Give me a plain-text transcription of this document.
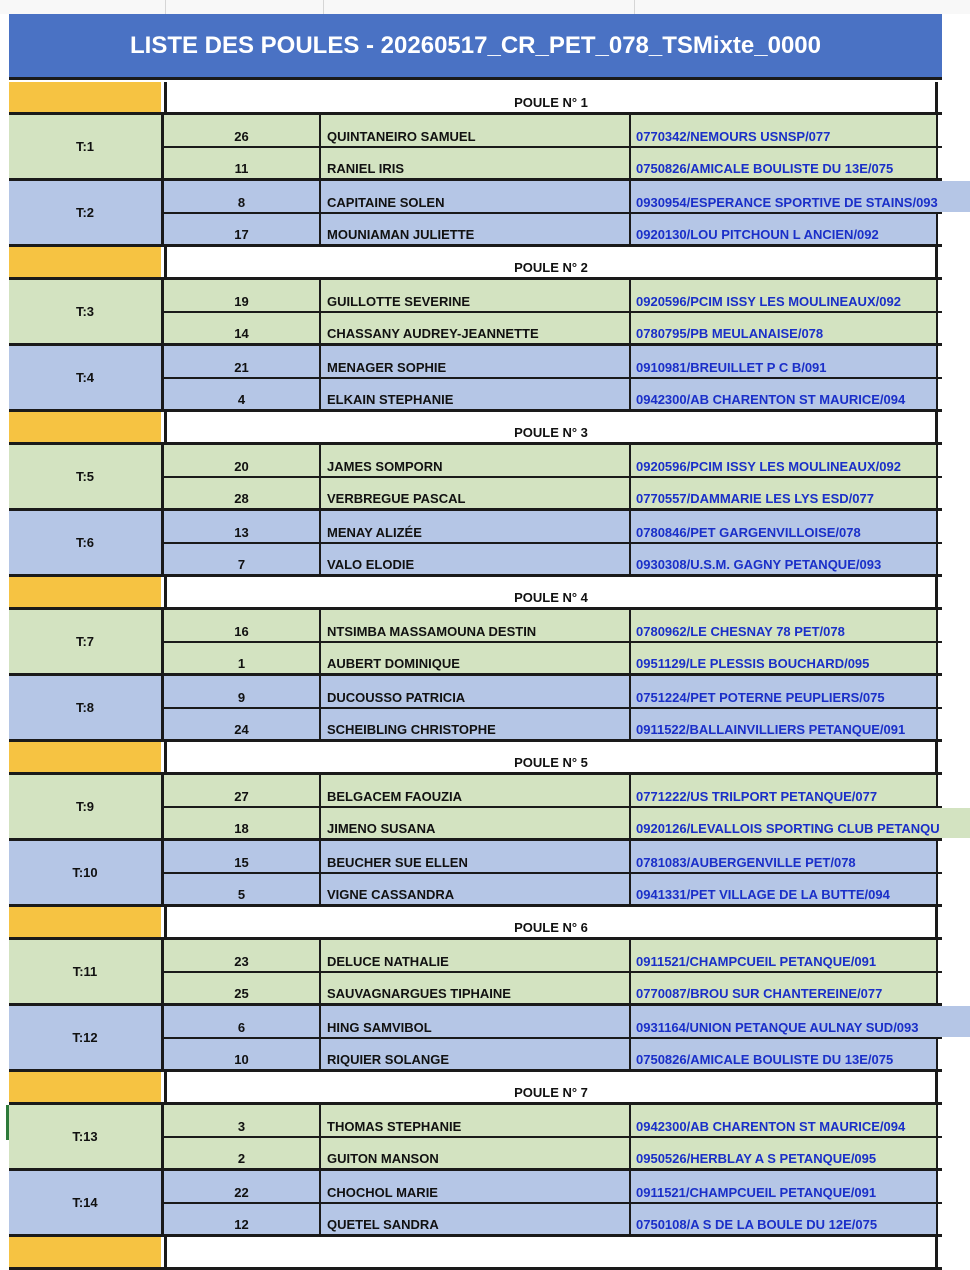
LISTE DES POULES - 20260517_CR_PET_078_TSMixte_0000
POULE N° 1
T:1
26	QUINTANEIRO SAMUEL	0770342/NEMOURS USNSP/077
11	RANIEL IRIS	0750826/AMICALE BOULISTE DU 13E/075
T:2
8	CAPITAINE SOLEN	0930954/ESPERANCE SPORTIVE DE STAINS/093
17	MOUNIAMAN JULIETTE	0920130/LOU PITCHOUN L ANCIEN/092
POULE N° 2
T:3
19	GUILLOTTE SEVERINE	0920596/PCIM ISSY LES MOULINEAUX/092
14	CHASSANY AUDREY-JEANNETTE	0780795/PB MEULANAISE/078
T:4
21	MENAGER SOPHIE	0910981/BREUILLET P C B/091
4	ELKAIN STEPHANIE	0942300/AB CHARENTON ST MAURICE/094
POULE N° 3
T:5
20	JAMES SOMPORN	0920596/PCIM ISSY LES MOULINEAUX/092
28	VERBREGUE PASCAL	0770557/DAMMARIE LES LYS ESD/077
T:6
13	MENAY ALIZÉE	0780846/PET GARGENVILLOISE/078
7	VALO ELODIE	0930308/U.S.M. GAGNY PETANQUE/093
POULE N° 4
T:7
16	NTSIMBA MASSAMOUNA DESTIN	0780962/LE CHESNAY 78 PET/078
1	AUBERT DOMINIQUE	0951129/LE PLESSIS BOUCHARD/095
T:8
9	DUCOUSSO PATRICIA	0751224/PET POTERNE PEUPLIERS/075
24	SCHEIBLING CHRISTOPHE	0911522/BALLAINVILLIERS PETANQUE/091
POULE N° 5
T:9
27	BELGACEM FAOUZIA	0771222/US TRILPORT PETANQUE/077
18	JIMENO SUSANA	0920126/LEVALLOIS SPORTING CLUB PETANQU
T:10
15	BEUCHER SUE ELLEN	0781083/AUBERGENVILLE PET/078
5	VIGNE CASSANDRA	0941331/PET VILLAGE DE LA BUTTE/094
POULE N° 6
T:11
23	DELUCE NATHALIE	0911521/CHAMPCUEIL PETANQUE/091
25	SAUVAGNARGUES TIPHAINE	0770087/BROU SUR CHANTEREINE/077
T:12
6	HING SAMVIBOL	0931164/UNION PETANQUE AULNAY SUD/093
10	RIQUIER SOLANGE	0750826/AMICALE BOULISTE DU 13E/075
POULE N° 7
T:13
3	THOMAS STEPHANIE	0942300/AB CHARENTON ST MAURICE/094
2	GUITON MANSON	0950526/HERBLAY A S PETANQUE/095
T:14
22	CHOCHOL MARIE	0911521/CHAMPCUEIL PETANQUE/091
12	QUETEL SANDRA	0750108/A S DE LA BOULE DU 12E/075
